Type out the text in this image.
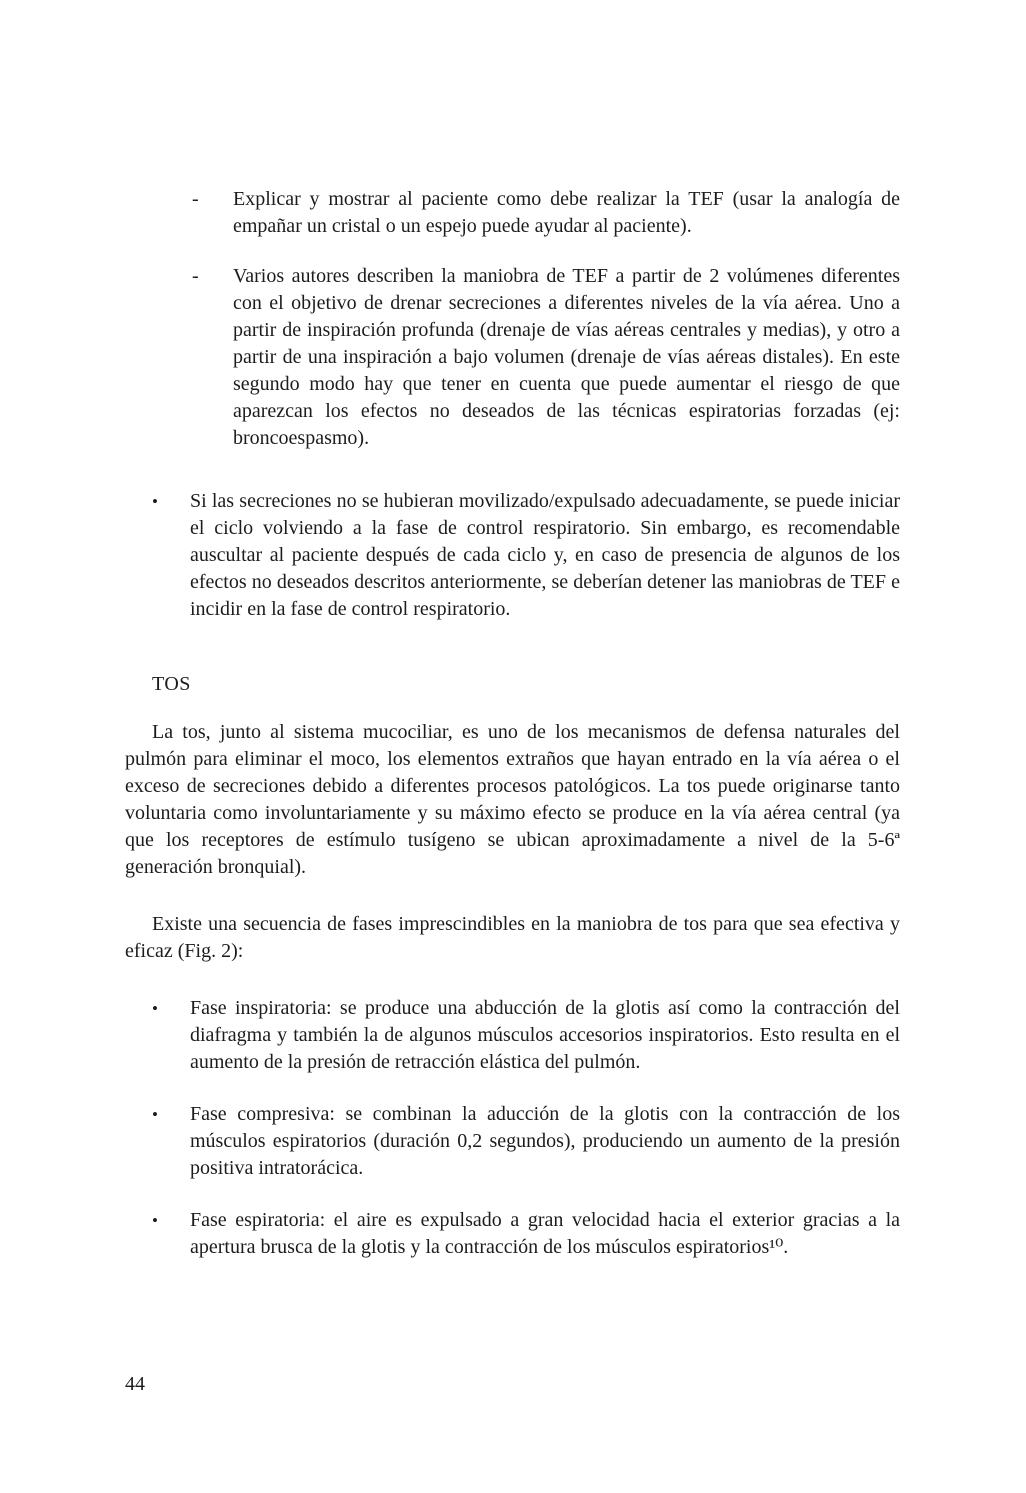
-	Explicar y mostrar al paciente como debe realizar la TEF (usar la analogía de empañar un cristal o un espejo puede ayudar al paciente).
-	Varios autores describen la maniobra de TEF a partir de 2 volúmenes diferentes con el objetivo de drenar secreciones a diferentes niveles de la vía aérea. Uno a partir de inspiración profunda (drenaje de vías aéreas centrales y medias), y otro a partir de una inspiración a bajo volumen (drenaje de vías aéreas distales). En este segundo modo hay que tener en cuenta que puede aumentar el riesgo de que aparezcan los efectos no deseados de las técnicas espiratorias forzadas (ej: broncoespasmo).
•	Si las secreciones no se hubieran movilizado/expulsado adecuadamente, se puede iniciar el ciclo volviendo a la fase de control respiratorio. Sin embargo, es recomendable auscultar al paciente después de cada ciclo y, en caso de presencia de algunos de los efectos no deseados descritos anteriormente, se deberían detener las maniobras de TEF e incidir en la fase de control respiratorio.
TOS

La tos, junto al sistema mucociliar, es uno de los mecanismos de defensa naturales del pulmón para eliminar el moco, los elementos extraños que hayan entrado en la vía aérea o el exceso de secreciones debido a diferentes procesos patológicos. La tos puede originarse tanto voluntaria como involuntariamente y su máximo efecto se produce en la vía aérea central (ya que los receptores de estímulo tusígeno se ubican aproximadamente a nivel de la 5-6ª generación bronquial).

Existe una secuencia de fases imprescindibles en la maniobra de tos para que sea efectiva y eficaz (Fig. 2):

•	Fase inspiratoria: se produce una abducción de la glotis así como la contracción del diafragma y también la de algunos músculos accesorios inspiratorios. Esto resulta en el aumento de la presión de retracción elástica del pulmón.
•	Fase compresiva: se combinan la aducción de la glotis con la contracción de los músculos espiratorios (duración 0,2 segundos), produciendo un aumento de la presión positiva intratorácica.
•	Fase espiratoria: el aire es expulsado a gran velocidad hacia el exterior gracias a la apertura brusca de la glotis y la contracción de los músculos espiratorios¹⁰.
44
